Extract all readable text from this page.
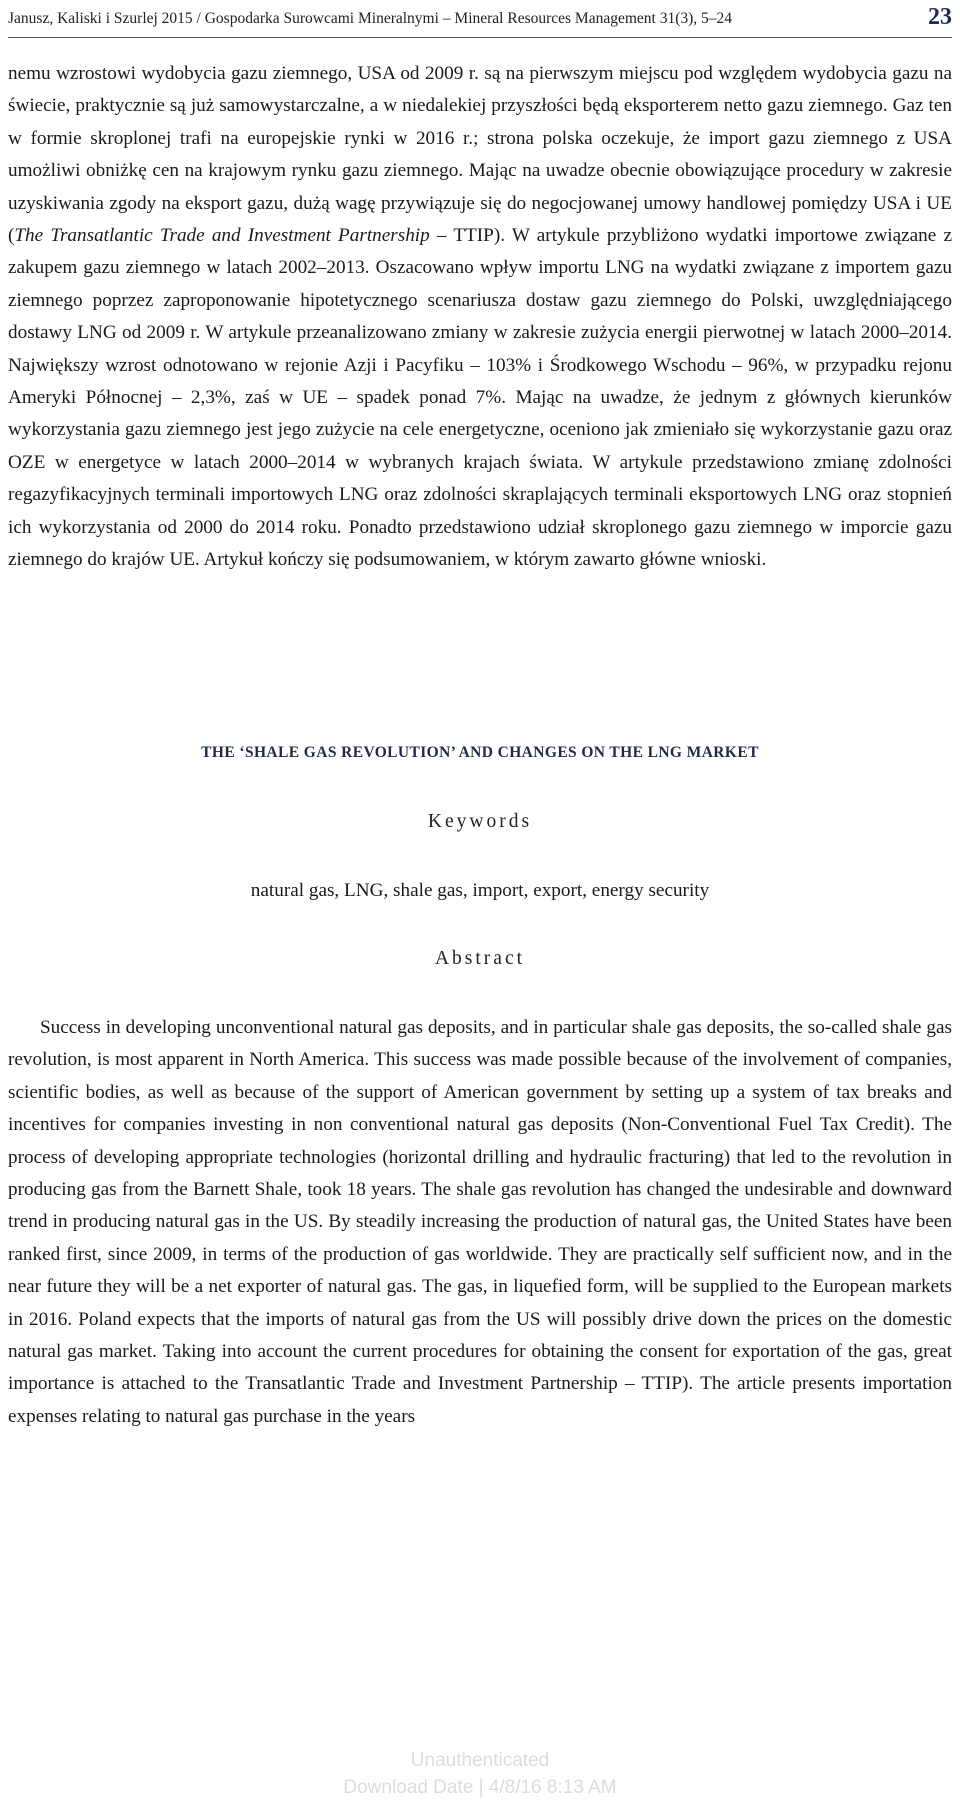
Janusz, Kaliski i Szurlej 2015 / Gospodarka Surowcami Mineralnymi – Mineral Resources Management 31(3), 5–24	23

nemu wzrostowi wydobycia gazu ziemnego, USA od 2009 r. są na pierwszym miejscu pod względem wydobycia gazu na świecie, praktycznie są już samowystarczalne, a w niedalekiej przyszłości będą eksporterem netto gazu ziemnego. Gaz ten w formie skroplonej trafi na europejskie rynki w 2016 r.; strona polska oczekuje, że import gazu ziemnego z USA umożliwi obniżkę cen na krajowym rynku gazu ziemnego. Mając na uwadze obecnie obowiązujące procedury w zakresie uzyskiwania zgody na eksport gazu, dużą wagę przywiązuje się do negocjowanej umowy handlowej pomiędzy USA i UE (The Transatlantic Trade and Investment Partnership – TTIP). W artykule przybliżono wydatki importowe związane z zakupem gazu ziemnego w latach 2002–2013. Oszacowano wpływ importu LNG na wydatki związane z importem gazu ziemnego poprzez zaproponowanie hipotetycznego scenariusza dostaw gazu ziemnego do Polski, uwzględniającego dostawy LNG od 2009 r. W artykule przeanalizowano zmiany w zakresie zużycia energii pierwotnej w latach 2000–2014. Największy wzrost odnotowano w rejonie Azji i Pacyfiku – 103% i Środkowego Wschodu – 96%, w przypadku rejonu Ameryki Północnej – 2,3%, zaś w UE – spadek ponad 7%. Mając na uwadze, że jednym z głównych kierunków wykorzystania gazu ziemnego jest jego zużycie na cele energetyczne, oceniono jak zmieniało się wykorzystanie gazu oraz OZE w energetyce w latach 2000–2014 w wybranych krajach świata. W artykule przedstawiono zmianę zdolności regazyfikacyjnych terminali importowych LNG oraz zdolności skraplających terminali eksportowych LNG oraz stopnień ich wykorzystania od 2000 do 2014 roku. Ponadto przedstawiono udział skroplonego gazu ziemnego w imporcie gazu ziemnego do krajów UE. Artykuł kończy się podsumowaniem, w którym zawarto główne wnioski.

THE ‘SHALE GAS REVOLUTION’ AND CHANGES ON THE LNG MARKET
Keywords
natural gas, LNG, shale gas, import, export, energy security
Abstract

Success in developing unconventional natural gas deposits, and in particular shale gas deposits, the so-called shale gas revolution, is most apparent in North America. This success was made possible because of the involvement of companies, scientific bodies, as well as because of the support of American government by setting up a system of tax breaks and incentives for companies investing in non conventional natural gas deposits (Non-Conventional Fuel Tax Credit). The process of developing appropriate technologies (horizontal drilling and hydraulic fracturing) that led to the revolution in producing gas from the Barnett Shale, took 18 years. The shale gas revolution has changed the undesirable and downward trend in producing natural gas in the US. By steadily increasing the production of natural gas, the United States have been ranked first, since 2009, in terms of the production of gas worldwide. They are practically self sufficient now, and in the near future they will be a net exporter of natural gas. The gas, in liquefied form, will be supplied to the European markets in 2016. Poland expects that the imports of natural gas from the US will possibly drive down the prices on the domestic natural gas market. Taking into account the current procedures for obtaining the consent for exportation of the gas, great importance is attached to the Transatlantic Trade and Investment Partnership – TTIP). The article presents importation expenses relating to natural gas purchase in the years

Unauthenticated
Download Date | 4/8/16 8:13 AM
